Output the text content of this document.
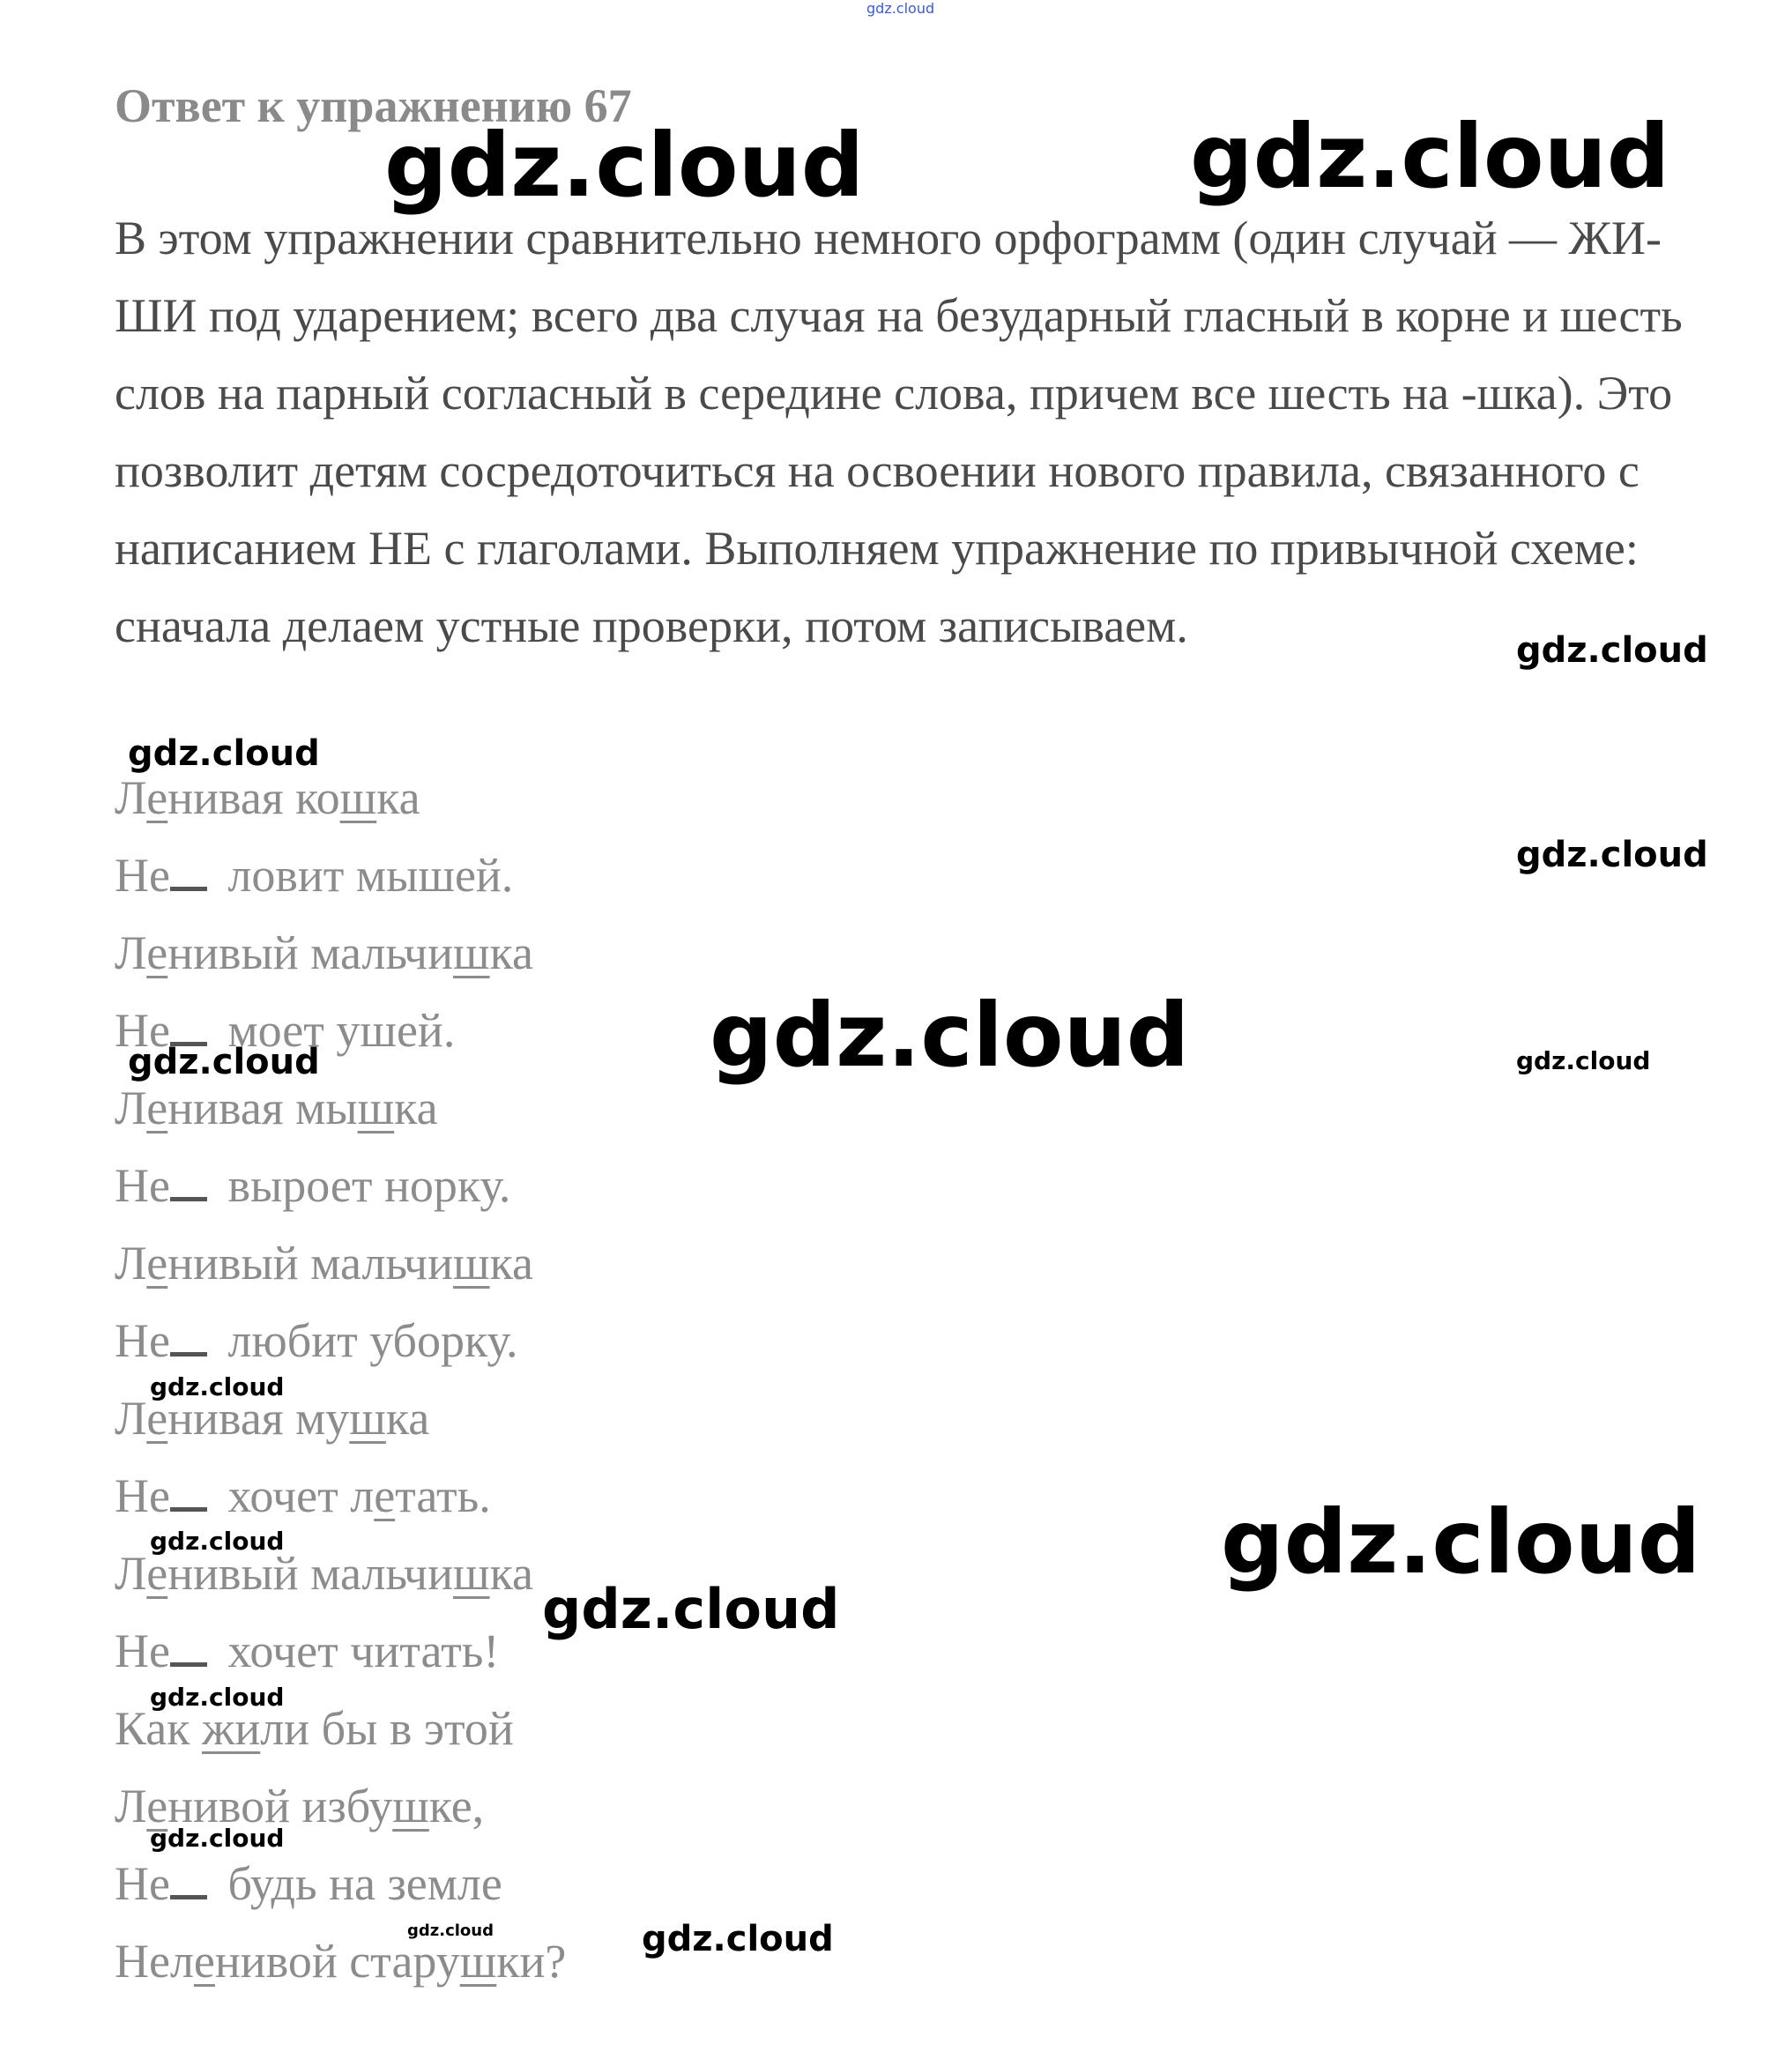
Ответ к упражнению 67

В этом упражнении сравнительно немного орфограмм (один случай — ЖИ-ШИ под ударением; всего два случая на безударный гласный в корне и шесть слов на парный согласный в середине слова, причем все шесть на -шка). Это позволит детям сосредоточиться на освоении нового правила, связанного с написанием НЕ с глаголами. Выполняем упражнение по привычной схеме: сначала делаем устные проверки, потом записываем.

Ленивая кошка
Не ловит мышей.
Ленивый мальчишка
Не моет ушей.
Ленивая мышка
Не выроет норку.
Ленивый мальчишка
Не любит уборку.
Ленивая мушка
Не хочет летать.
Ленивый мальчишка
Не хочет читать!
Как жили бы в этой
Ленивой избушке,
Не будь на земле
Неленивой старушки?
gdz.cloud
gdz.cloud	gdz.cloud
gdz.cloud
gdz.cloud
gdz.cloud
gdz.cloud
gdz.cloud	gdz.cloud
gdz.cloud
gdz.cloud	gdz.cloud
gdz.cloud
gdz.cloud
gdz.cloud
gdz.cloud	gdz.cloud
